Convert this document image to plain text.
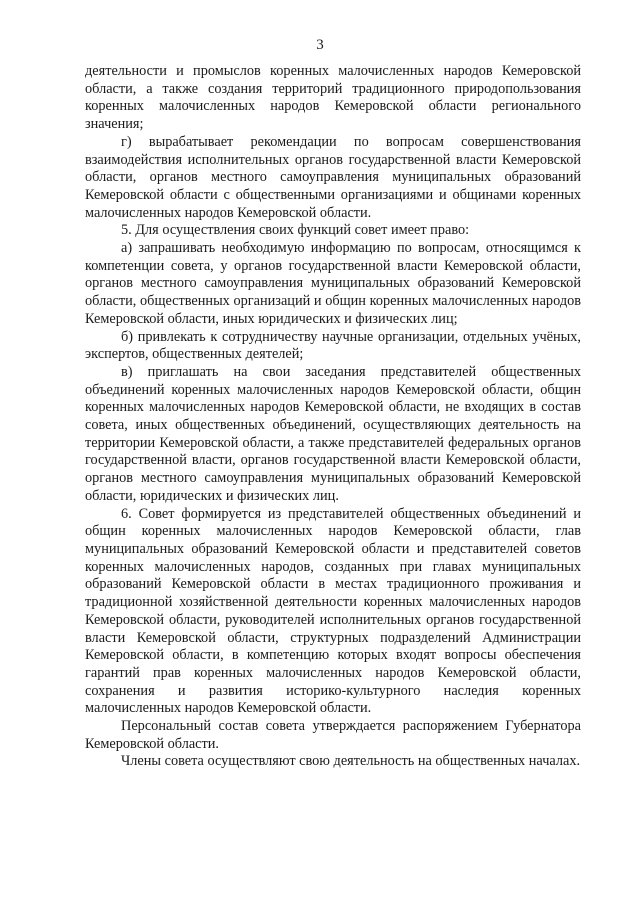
3

деятельности и промыслов коренных малочисленных народов Кемеровской области, а также создания территорий традиционного природопользования коренных малочисленных народов Кемеровской области регионального значения;

г) вырабатывает рекомендации по вопросам совершенствования взаимодействия исполнительных органов государственной власти Кемеровской области, органов местного самоуправления муниципальных образований Кемеровской области с общественными организациями и общинами коренных малочисленных народов Кемеровской области.

5. Для осуществления своих функций совет имеет право:

а) запрашивать необходимую информацию по вопросам, относящимся к компетенции совета, у органов государственной власти Кемеровской области, органов местного самоуправления муниципальных образований Кемеровской области, общественных организаций и общин коренных малочисленных народов Кемеровской области, иных юридических и физических лиц;

б) привлекать к сотрудничеству научные организации, отдельных учёных, экспертов, общественных деятелей;

в) приглашать на свои заседания представителей общественных объединений коренных малочисленных народов Кемеровской области, общин коренных малочисленных народов Кемеровской области, не входящих в состав совета, иных общественных объединений, осуществляющих деятельность на территории Кемеровской области, а также представителей федеральных органов государственной власти, органов государственной власти Кемеровской области, органов местного самоуправления муниципальных образований Кемеровской области, юридических и физических лиц.

6. Совет формируется из представителей общественных объединений и общин коренных малочисленных народов Кемеровской области, глав муниципальных образований Кемеровской области и представителей советов коренных малочисленных народов, созданных при главах муниципальных образований Кемеровской области в местах традиционного проживания и традиционной хозяйственной деятельности коренных малочисленных народов Кемеровской области, руководителей исполнительных органов государственной власти Кемеровской области, структурных подразделений Администрации Кемеровской области, в компетенцию которых входят вопросы обеспечения гарантий прав коренных малочисленных народов Кемеровской области, сохранения и развития историко-культурного наследия коренных малочисленных народов Кемеровской области.

Персональный состав совета утверждается распоряжением Губернатора Кемеровской области.

Члены совета осуществляют свою деятельность на общественных началах.
